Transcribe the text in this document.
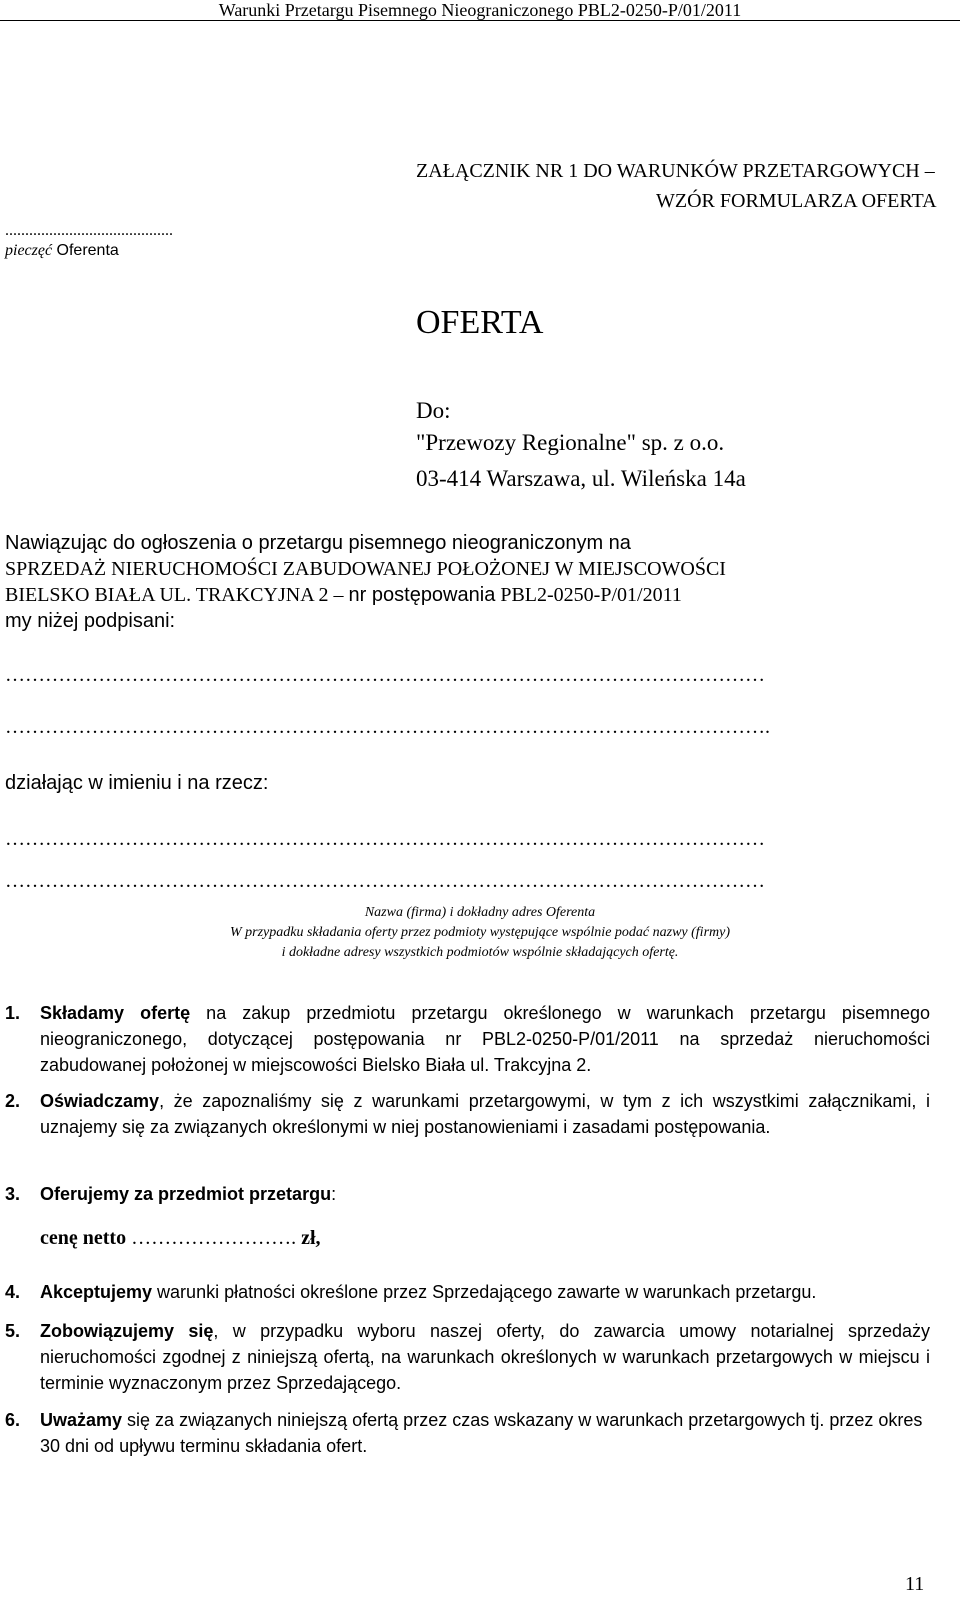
Warunki Przetargu Pisemnego Nieograniczonego PBL2-0250-P/01/2011
ZAŁĄCZNIK NR 1 DO WARUNKÓW PRZETARGOWYCH –
WZÓR FORMULARZA OFERTA
..........................................
pieczęć Oferenta
OFERTA
Do:
"Przewozy Regionalne" sp. z o.o.
03-414 Warszawa, ul. Wileńska 14a
Nawiązując do ogłoszenia o przetargu pisemnego nieograniczonym na
SPRZEDAŻ NIERUCHOMOŚCI ZABUDOWANEJ POŁOŻONEJ W MIEJSCOWOŚCI
BIELSKO BIAŁA UL. TRAKCYJNA 2 – nr postępowania PBL2-0250-P/01/2011
my niżej podpisani:
……………………………………………………………………………………………………
…………………………………………………………………………………………………….
działając w imieniu i na rzecz:
……………………………………………………………………………………………………
……………………………………………………………………………………………………
Nazwa (firma) i dokładny adres Oferenta
W przypadku składania oferty przez podmioty występujące wspólnie podać nazwy (firmy)
i dokładne adresy wszystkich podmiotów wspólnie składających ofertę.
1. Składamy ofertę na zakup przedmiotu przetargu określonego w warunkach przetargu pisemnego nieograniczonego, dotyczącej postępowania nr PBL2-0250-P/01/2011 na sprzedaż nieruchomości zabudowanej położonej w miejscowości Bielsko Biała ul. Trakcyjna 2.
2. Oświadczamy, że zapoznaliśmy się z warunkami przetargowymi, w tym z ich wszystkimi załącznikami, i uznajemy się za związanych określonymi w niej postanowieniami i zasadami postępowania.
3. Oferujemy za przedmiot przetargu:
cenę netto ……………………. zł,
4. Akceptujemy warunki płatności określone przez Sprzedającego zawarte w warunkach przetargu.
5. Zobowiązujemy się, w przypadku wyboru naszej oferty, do zawarcia umowy notarialnej sprzedaży nieruchomości zgodnej z niniejszą ofertą, na warunkach określonych w warunkach przetargowych w miejscu i terminie wyznaczonym przez Sprzedającego.
6. Uważamy się za związanych niniejszą ofertą przez czas wskazany w warunkach przetargowych tj. przez okres 30 dni od upływu terminu składania ofert.
11
